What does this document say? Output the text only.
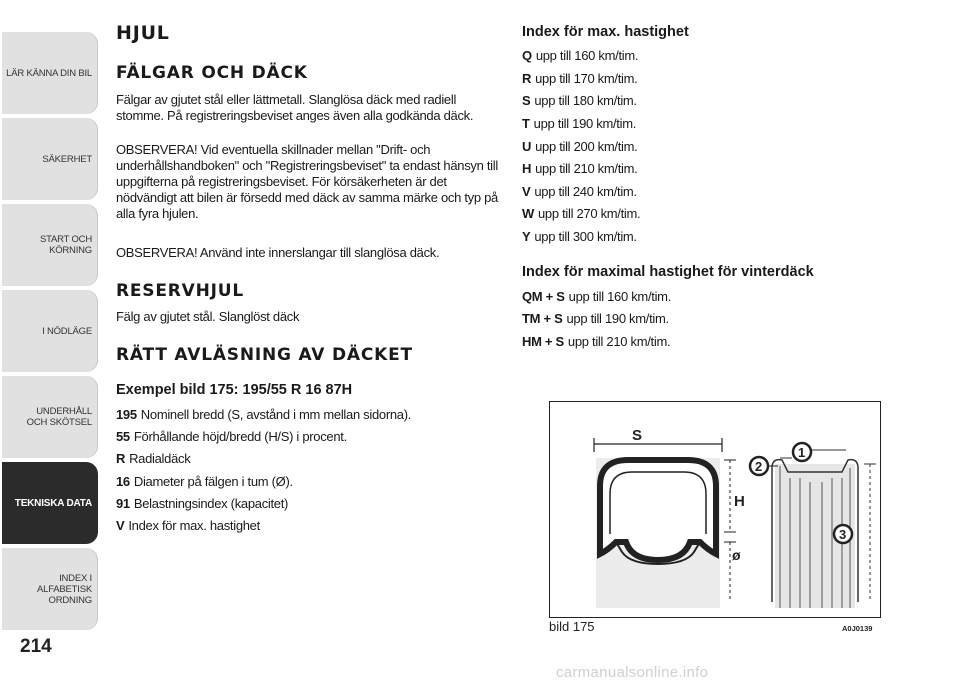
LÄR KÄNNA DIN BIL
SÄKERHET
START OCH KÖRNING
I NÖDLÄGE
UNDERHÅLL OCH SKÖTSEL
TEKNISKA DATA
INDEX I ALFABETISK ORDNING
214
HJUL
FÄLGAR OCH DÄCK

Fälgar av gjutet stål eller lättmetall. Slanglösa däck med radiell stomme. På registreringsbeviset anges även alla godkända däck.

OBSERVERA! Vid eventuella skillnader mellan "Drift- och underhållshandboken" och "Registreringsbeviset" ta endast hänsyn till uppgifterna på registreringsbeviset. För körsäkerheten är det nödvändigt att bilen är försedd med däck av samma märke och typ på alla fyra hjulen.

OBSERVERA! Använd inte innerslangar till slanglösa däck.

RESERVHJUL

Fälg av gjutet stål. Slanglöst däck

RÄTT AVLÄSNING AV DÄCKET
Exempel bild 175: 195/55 R 16 87H
195 Nominell bredd (S, avstånd i mm mellan sidorna).
55 Förhållande höjd/bredd (H/S) i procent.
R Radialdäck
16 Diameter på fälgen i tum (Ø).
91 Belastningsindex (kapacitet)
V Index för max. hastighet
Index för max. hastighet
Q upp till 160 km/tim.
R upp till 170 km/tim.
S upp till 180 km/tim.
T upp till 190 km/tim.
U upp till 200 km/tim.
H upp till 210 km/tim.
V upp till 240 km/tim.
W upp till 270 km/tim.
Y upp till 300 km/tim.
Index för maximal hastighet för vinterdäck
QM + S upp till 160 km/tim.
TM + S upp till 190 km/tim.
HM + S upp till 210 km/tim.
S
H
ø
1
2
3
bild 175	A0J0139
carmanualsonline.info
